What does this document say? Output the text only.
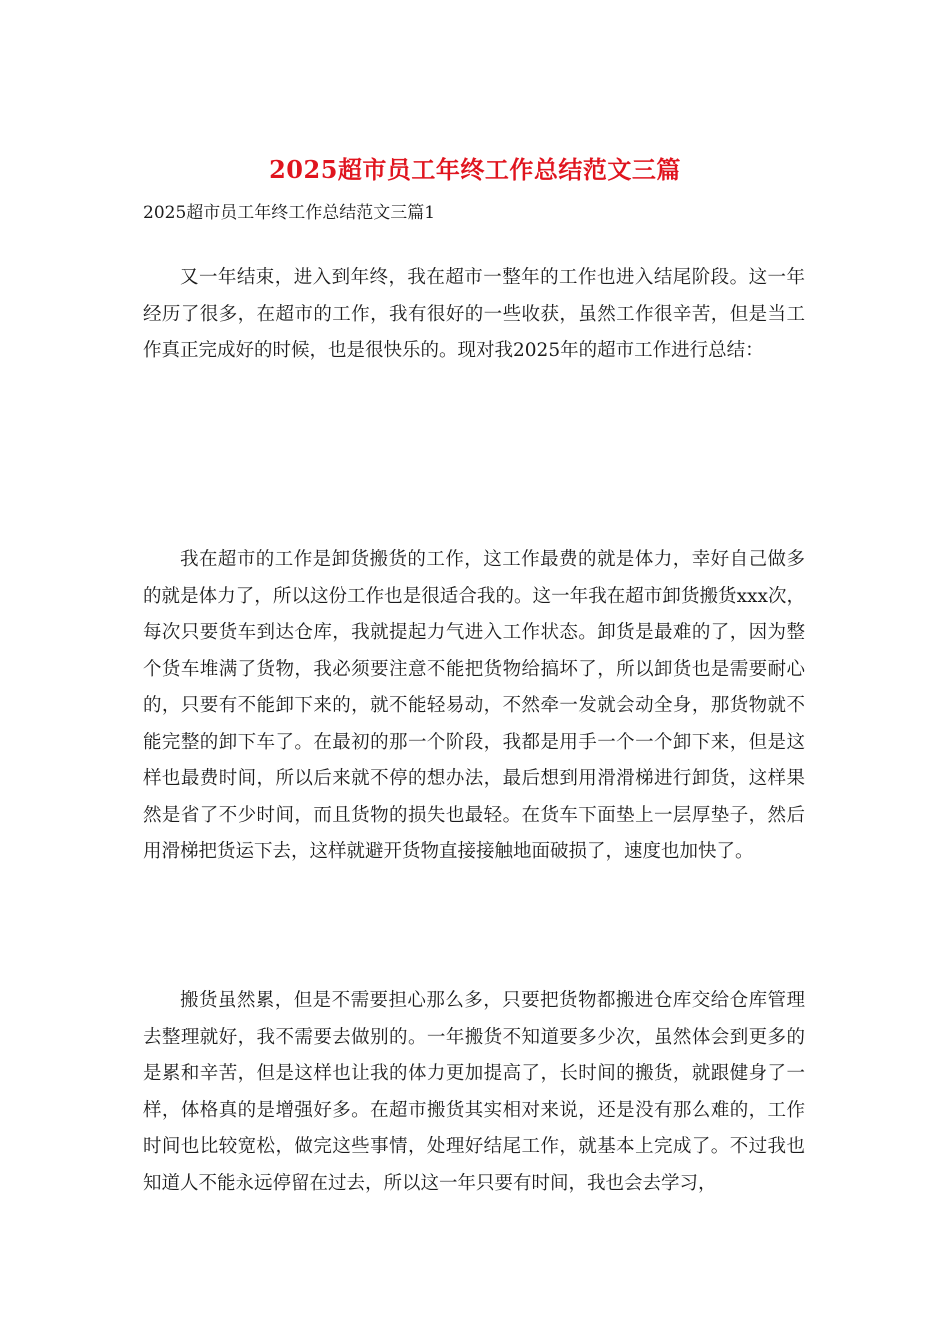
2025超市员工年终工作总结范文三篇
2025超市员工年终工作总结范文三篇1

又一年结束，进入到年终，我在超市一整年的工作也进入结尾阶段。这一年经历了很多，在超市的工作，我有很好的一些收获，虽然工作很辛苦，但是当工作真正完成好的时候，也是很快乐的。现对我2025年的超市工作进行总结：

我在超市的工作是卸货搬货的工作，这工作最费的就是体力，幸好自己做多的就是体力了，所以这份工作也是很适合我的。这一年我在超市卸货搬货xxx次，每次只要货车到达仓库，我就提起力气进入工作状态。卸货是最难的了，因为整个货车堆满了货物，我必须要注意不能把货物给搞坏了，所以卸货也是需要耐心的，只要有不能卸下来的，就不能轻易动，不然牵一发就会动全身，那货物就不能完整的卸下车了。在最初的那一个阶段，我都是用手一个一个卸下来，但是这样也最费时间，所以后来就不停的想办法，最后想到用滑滑梯进行卸货，这样果然是省了不少时间，而且货物的损失也最轻。在货车下面垫上一层厚垫子，然后用滑梯把货运下去，这样就避开货物直接接触地面破损了，速度也加快了。

搬货虽然累，但是不需要担心那么多，只要把货物都搬进仓库交给仓库管理去整理就好，我不需要去做别的。一年搬货不知道要多少次，虽然体会到更多的是累和辛苦，但是这样也让我的体力更加提高了，长时间的搬货，就跟健身了一样，体格真的是增强好多。在超市搬货其实相对来说，还是没有那么难的，工作时间也比较宽松，做完这些事情，处理好结尾工作，就基本上完成了。不过我也知道人不能永远停留在过去，所以这一年只要有时间，我也会去学习，
